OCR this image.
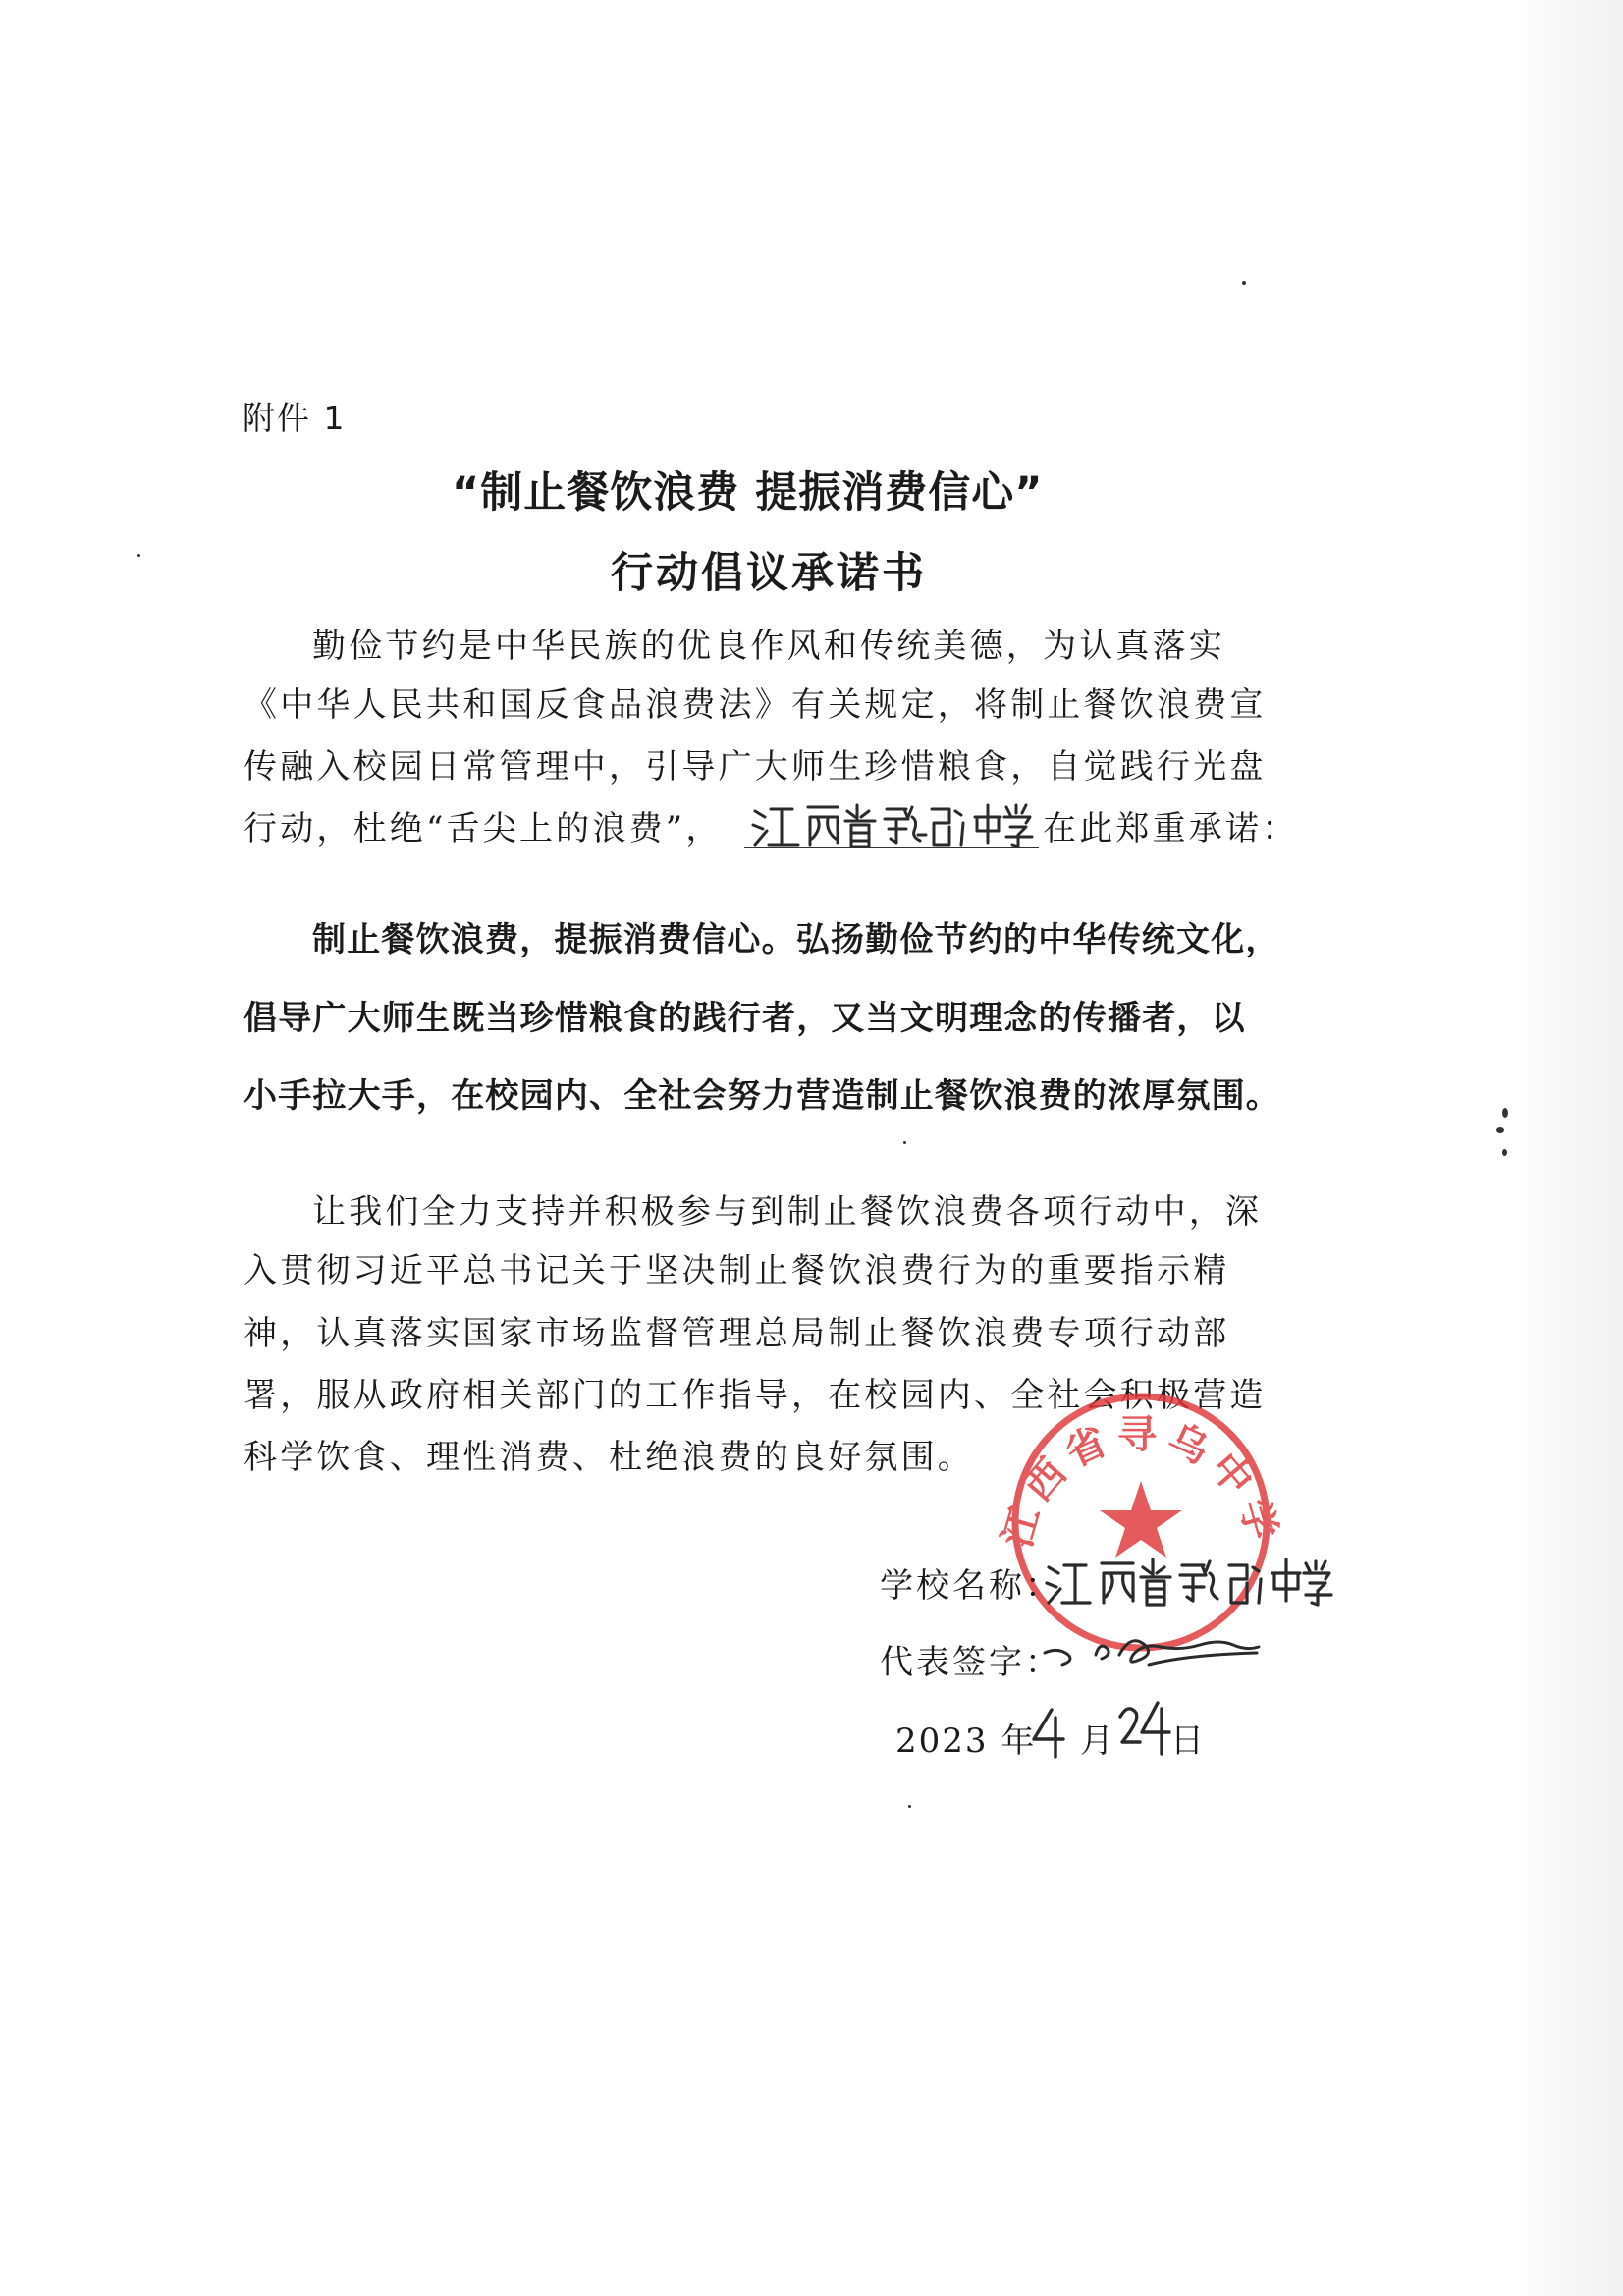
附件 1
“制止餐饮浪费 提振消费信心”
行动倡议承诺书
勤俭节约是中华民族的优良作风和传统美德，为认真落实
《中华人民共和国反食品浪费法》有关规定，将制止餐饮浪费宣
传融入校园日常管理中，引导广大师生珍惜粮食，自觉践行光盘
行动，杜绝“舌尖上的浪费”，	在此郑重承诺：
制止餐饮浪费，提振消费信心。弘扬勤俭节约的中华传统文化，
倡导广大师生既当珍惜粮食的践行者，又当文明理念的传播者，以
小手拉大手，在校园内、全社会努力营造制止餐饮浪费的浓厚氛围。
让我们全力支持并积极参与到制止餐饮浪费各项行动中，深
入贯彻习近平总书记关于坚决制止餐饮浪费行为的重要指示精
神，认真落实国家市场监督管理总局制止餐饮浪费专项行动部
署，服从政府相关部门的工作指导，在校园内、全社会积极营造
科学饮食、理性消费、杜绝浪费的良好氛围。
江西省寻乌中学
学校名称：
代表签字：
2023 年 月 日
